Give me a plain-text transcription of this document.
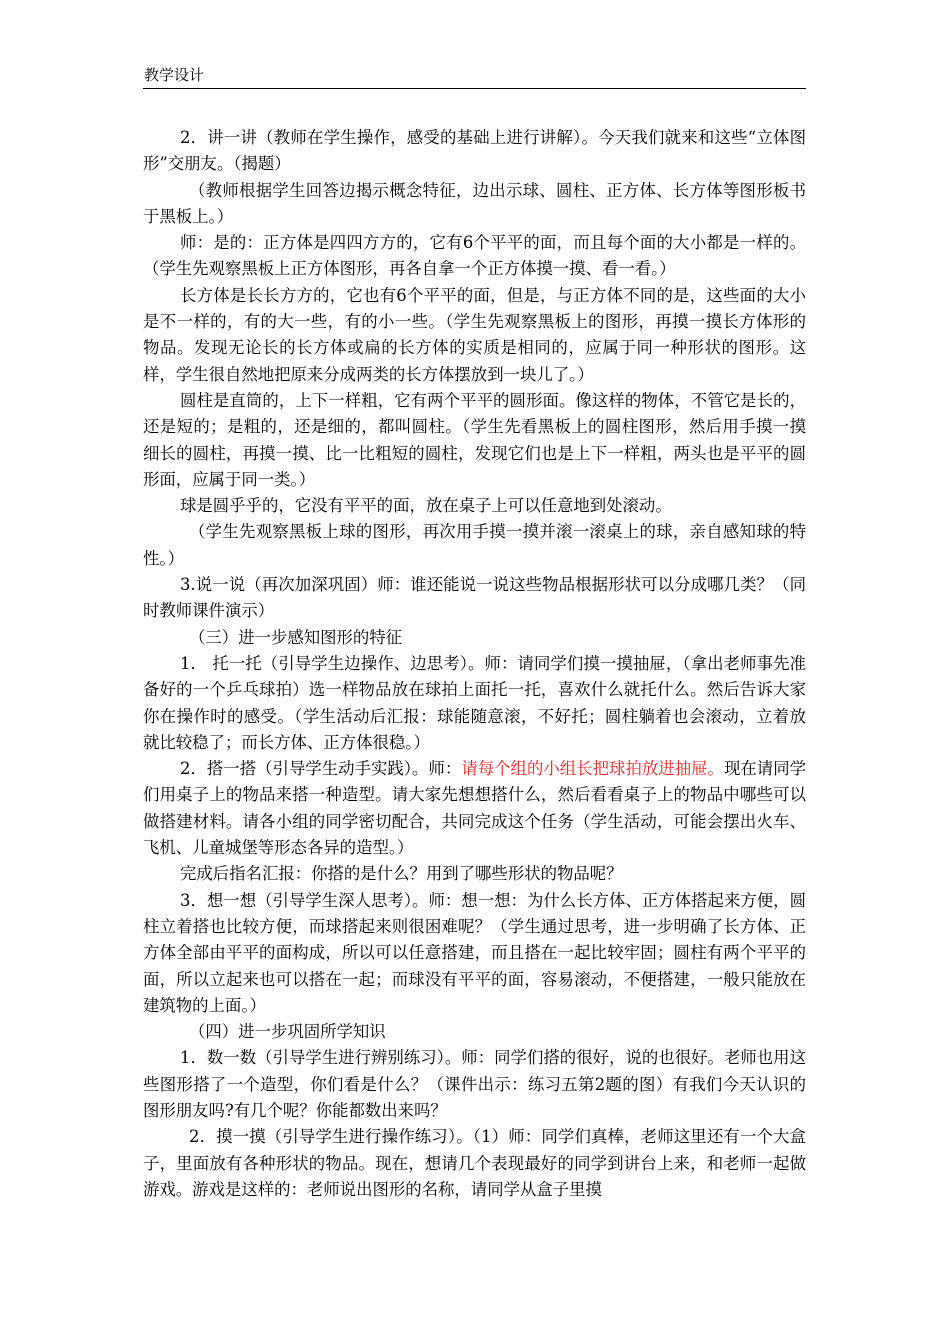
教学设计

2．讲一讲（教师在学生操作，感受的基础上进行讲解）。今天我们就来和这些“立体图形”交朋友。（揭题）

（教师根据学生回答边揭示概念特征，边出示球、圆柱、正方体、长方体等图形板书于黑板上。）

师：是的：正方体是四四方方的，它有6个平平的面，而且每个面的大小都是一样的。 （学生先观察黑板上正方体图形，再各自拿一个正方体摸一摸、看一看。）

长方体是长长方方的，它也有6个平平的面，但是，与正方体不同的是，这些面的大小是不一样的，有的大一些，有的小一些。（学生先观察黑板上的图形，再摸一摸长方体形的物品。发现无论长的长方体或扁的长方体的实质是相同的，应属于同一种形状的图形。这样，学生很自然地把原来分成两类的长方体摆放到一块儿了。）

圆柱是直筒的，上下一样粗，它有两个平平的圆形面。像这样的物体，不管它是长的，还是短的；是粗的，还是细的，都叫圆柱。（学生先看黑板上的圆柱图形，然后用手摸一摸细长的圆柱，再摸一摸、比一比粗短的圆柱，发现它们也是上下一样粗，两头也是平平的圆形面，应属于同一类。）

球是圆乎乎的，它没有平平的面，放在桌子上可以任意地到处滚动。

（学生先观察黑板上球的图形，再次用手摸一摸并滚一滚桌上的球，亲自感知球的特性。）

3.说一说（再次加深巩固）师：谁还能说一说这些物品根据形状可以分成哪几类？（同时教师课件演示）

（三）进一步感知图形的特征

1． 托一托（引导学生边操作、边思考）。师：请同学们摸一摸抽屉，（拿出老师事先准备好的一个乒乓球拍）选一样物品放在球拍上面托一托，喜欢什么就托什么。然后告诉大家你在操作时的感受。（学生活动后汇报：球能随意滚，不好托；圆柱躺着也会滚动，立着放就比较稳了；而长方体、正方体很稳。）

2．搭一搭（引导学生动手实践）。师：请每个组的小组长把球拍放进抽屉。现在请同学们用桌子上的物品来搭一种造型。请大家先想想搭什么，然后看看桌子上的物品中哪些可以做搭建材料。请各小组的同学密切配合，共同完成这个任务（学生活动，可能会摆出火车、飞机、儿童城堡等形态各异的造型。）

完成后指名汇报：你搭的是什么？用到了哪些形状的物品呢？

3．想一想（引导学生深人思考）。师：想一想：为什么长方体、正方体搭起来方便，圆柱立着搭也比较方便，而球搭起来则很困难呢？（学生通过思考，进一步明确了长方体、正方体全部由平平的面构成，所以可以任意搭建，而且搭在一起比较牢固；圆柱有两个平平的面，所以立起来也可以搭在一起；而球没有平平的面，容易滚动，不便搭建，一般只能放在建筑物的上面。）

（四）进一步巩固所学知识

1．数一数（引导学生进行辨别练习）。师：同学们搭的很好，说的也很好。老师也用这些图形搭了一个造型，你们看是什么？（课件出示：练习五第2题的图）有我们今天认识的图形朋友吗?有几个呢？你能都数出来吗？

2．摸一摸（引导学生进行操作练习）。（1）师：同学们真棒，老师这里还有一个大盒子，里面放有各种形状的物品。现在，想请几个表现最好的同学到讲台上来，和老师一起做游戏。游戏是这样的：老师说出图形的名称，请同学从盒子里摸
